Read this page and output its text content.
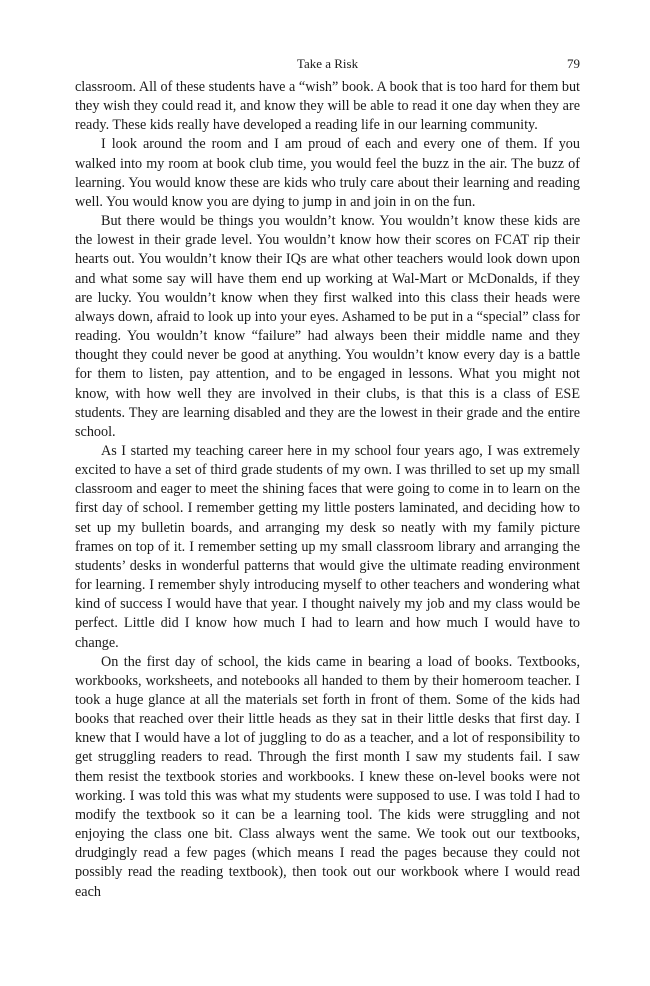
Take a Risk	79

classroom. All of these students have a “wish” book. A book that is too hard for them but they wish they could read it, and know they will be able to read it one day when they are ready. These kids really have developed a reading life in our learning community.

I look around the room and I am proud of each and every one of them. If you walked into my room at book club time, you would feel the buzz in the air. The buzz of learning. You would know these are kids who truly care about their learning and reading well. You would know you are dying to jump in and join in on the fun.

But there would be things you wouldn’t know. You wouldn’t know these kids are the lowest in their grade level. You wouldn’t know how their scores on FCAT rip their hearts out. You wouldn’t know their IQs are what other teachers would look down upon and what some say will have them end up working at Wal-Mart or McDonalds, if they are lucky. You wouldn’t know when they first walked into this class their heads were always down, afraid to look up into your eyes. Ashamed to be put in a “special” class for reading. You wouldn’t know “failure” had always been their middle name and they thought they could never be good at anything. You wouldn’t know every day is a battle for them to listen, pay attention, and to be engaged in lessons. What you might not know, with how well they are involved in their clubs, is that this is a class of ESE students. They are learning disabled and they are the lowest in their grade and the entire school.

As I started my teaching career here in my school four years ago, I was extremely excited to have a set of third grade students of my own. I was thrilled to set up my small classroom and eager to meet the shining faces that were going to come in to learn on the first day of school. I remember getting my little posters laminated, and deciding how to set up my bulletin boards, and arranging my desk so neatly with my family picture frames on top of it. I remember setting up my small classroom library and arranging the students’ desks in wonderful patterns that would give the ultimate reading environment for learning. I remember shyly introducing myself to other teachers and wondering what kind of success I would have that year. I thought naively my job and my class would be perfect. Little did I know how much I had to learn and how much I would have to change.

On the first day of school, the kids came in bearing a load of books. Textbooks, workbooks, worksheets, and notebooks all handed to them by their homeroom teacher. I took a huge glance at all the materials set forth in front of them. Some of the kids had books that reached over their little heads as they sat in their little desks that first day. I knew that I would have a lot of juggling to do as a teacher, and a lot of responsibility to get struggling readers to read. Through the first month I saw my students fail. I saw them resist the textbook stories and workbooks. I knew these on-level books were not working. I was told this was what my students were supposed to use. I was told I had to modify the textbook so it can be a learning tool. The kids were struggling and not enjoying the class one bit. Class always went the same. We took out our textbooks, drudgingly read a few pages (which means I read the pages because they could not possibly read the reading textbook), then took out our workbook where I would read each
